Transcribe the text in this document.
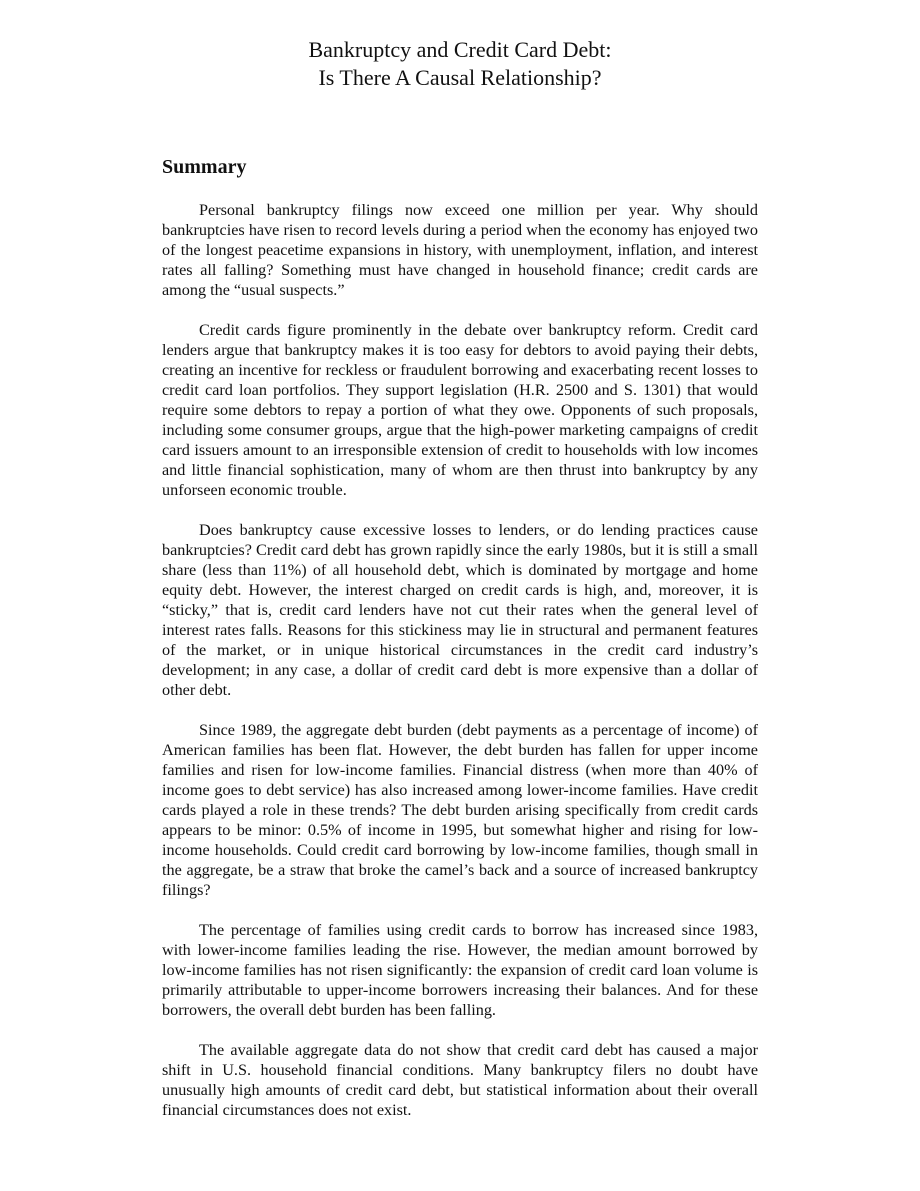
Bankruptcy and Credit Card Debt:
Is There A Causal Relationship?
Summary

Personal bankruptcy filings now exceed one million per year. Why should bankruptcies have risen to record levels during a period when the economy has enjoyed two of the longest peacetime expansions in history, with unemployment, inflation, and interest rates all falling? Something must have changed in household finance; credit cards are among the “usual suspects.”

Credit cards figure prominently in the debate over bankruptcy reform. Credit card lenders argue that bankruptcy makes it is too easy for debtors to avoid paying their debts, creating an incentive for reckless or fraudulent borrowing and exacerbating recent losses to credit card loan portfolios. They support legislation (H.R. 2500 and S. 1301) that would require some debtors to repay a portion of what they owe. Opponents of such proposals, including some consumer groups, argue that the high-power marketing campaigns of credit card issuers amount to an irresponsible extension of credit to households with low incomes and little financial sophistication, many of whom are then thrust into bankruptcy by any unforseen economic trouble.

Does bankruptcy cause excessive losses to lenders, or do lending practices cause bankruptcies? Credit card debt has grown rapidly since the early 1980s, but it is still a small share (less than 11%) of all household debt, which is dominated by mortgage and home equity debt. However, the interest charged on credit cards is high, and, moreover, it is “sticky,” that is, credit card lenders have not cut their rates when the general level of interest rates falls. Reasons for this stickiness may lie in structural and permanent features of the market, or in unique historical circumstances in the credit card industry’s development; in any case, a dollar of credit card debt is more expensive than a dollar of other debt.

Since 1989, the aggregate debt burden (debt payments as a percentage of income) of American families has been flat. However, the debt burden has fallen for upper income families and risen for low-income families. Financial distress (when more than 40% of income goes to debt service) has also increased among lower-income families. Have credit cards played a role in these trends? The debt burden arising specifically from credit cards appears to be minor: 0.5% of income in 1995, but somewhat higher and rising for low-income households. Could credit card borrowing by low-income families, though small in the aggregate, be a straw that broke the camel’s back and a source of increased bankruptcy filings?

The percentage of families using credit cards to borrow has increased since 1983, with lower-income families leading the rise. However, the median amount borrowed by low-income families has not risen significantly: the expansion of credit card loan volume is primarily attributable to upper-income borrowers increasing their balances. And for these borrowers, the overall debt burden has been falling.

The available aggregate data do not show that credit card debt has caused a major shift in U.S. household financial conditions. Many bankruptcy filers no doubt have unusually high amounts of credit card debt, but statistical information about their overall financial circumstances does not exist.
